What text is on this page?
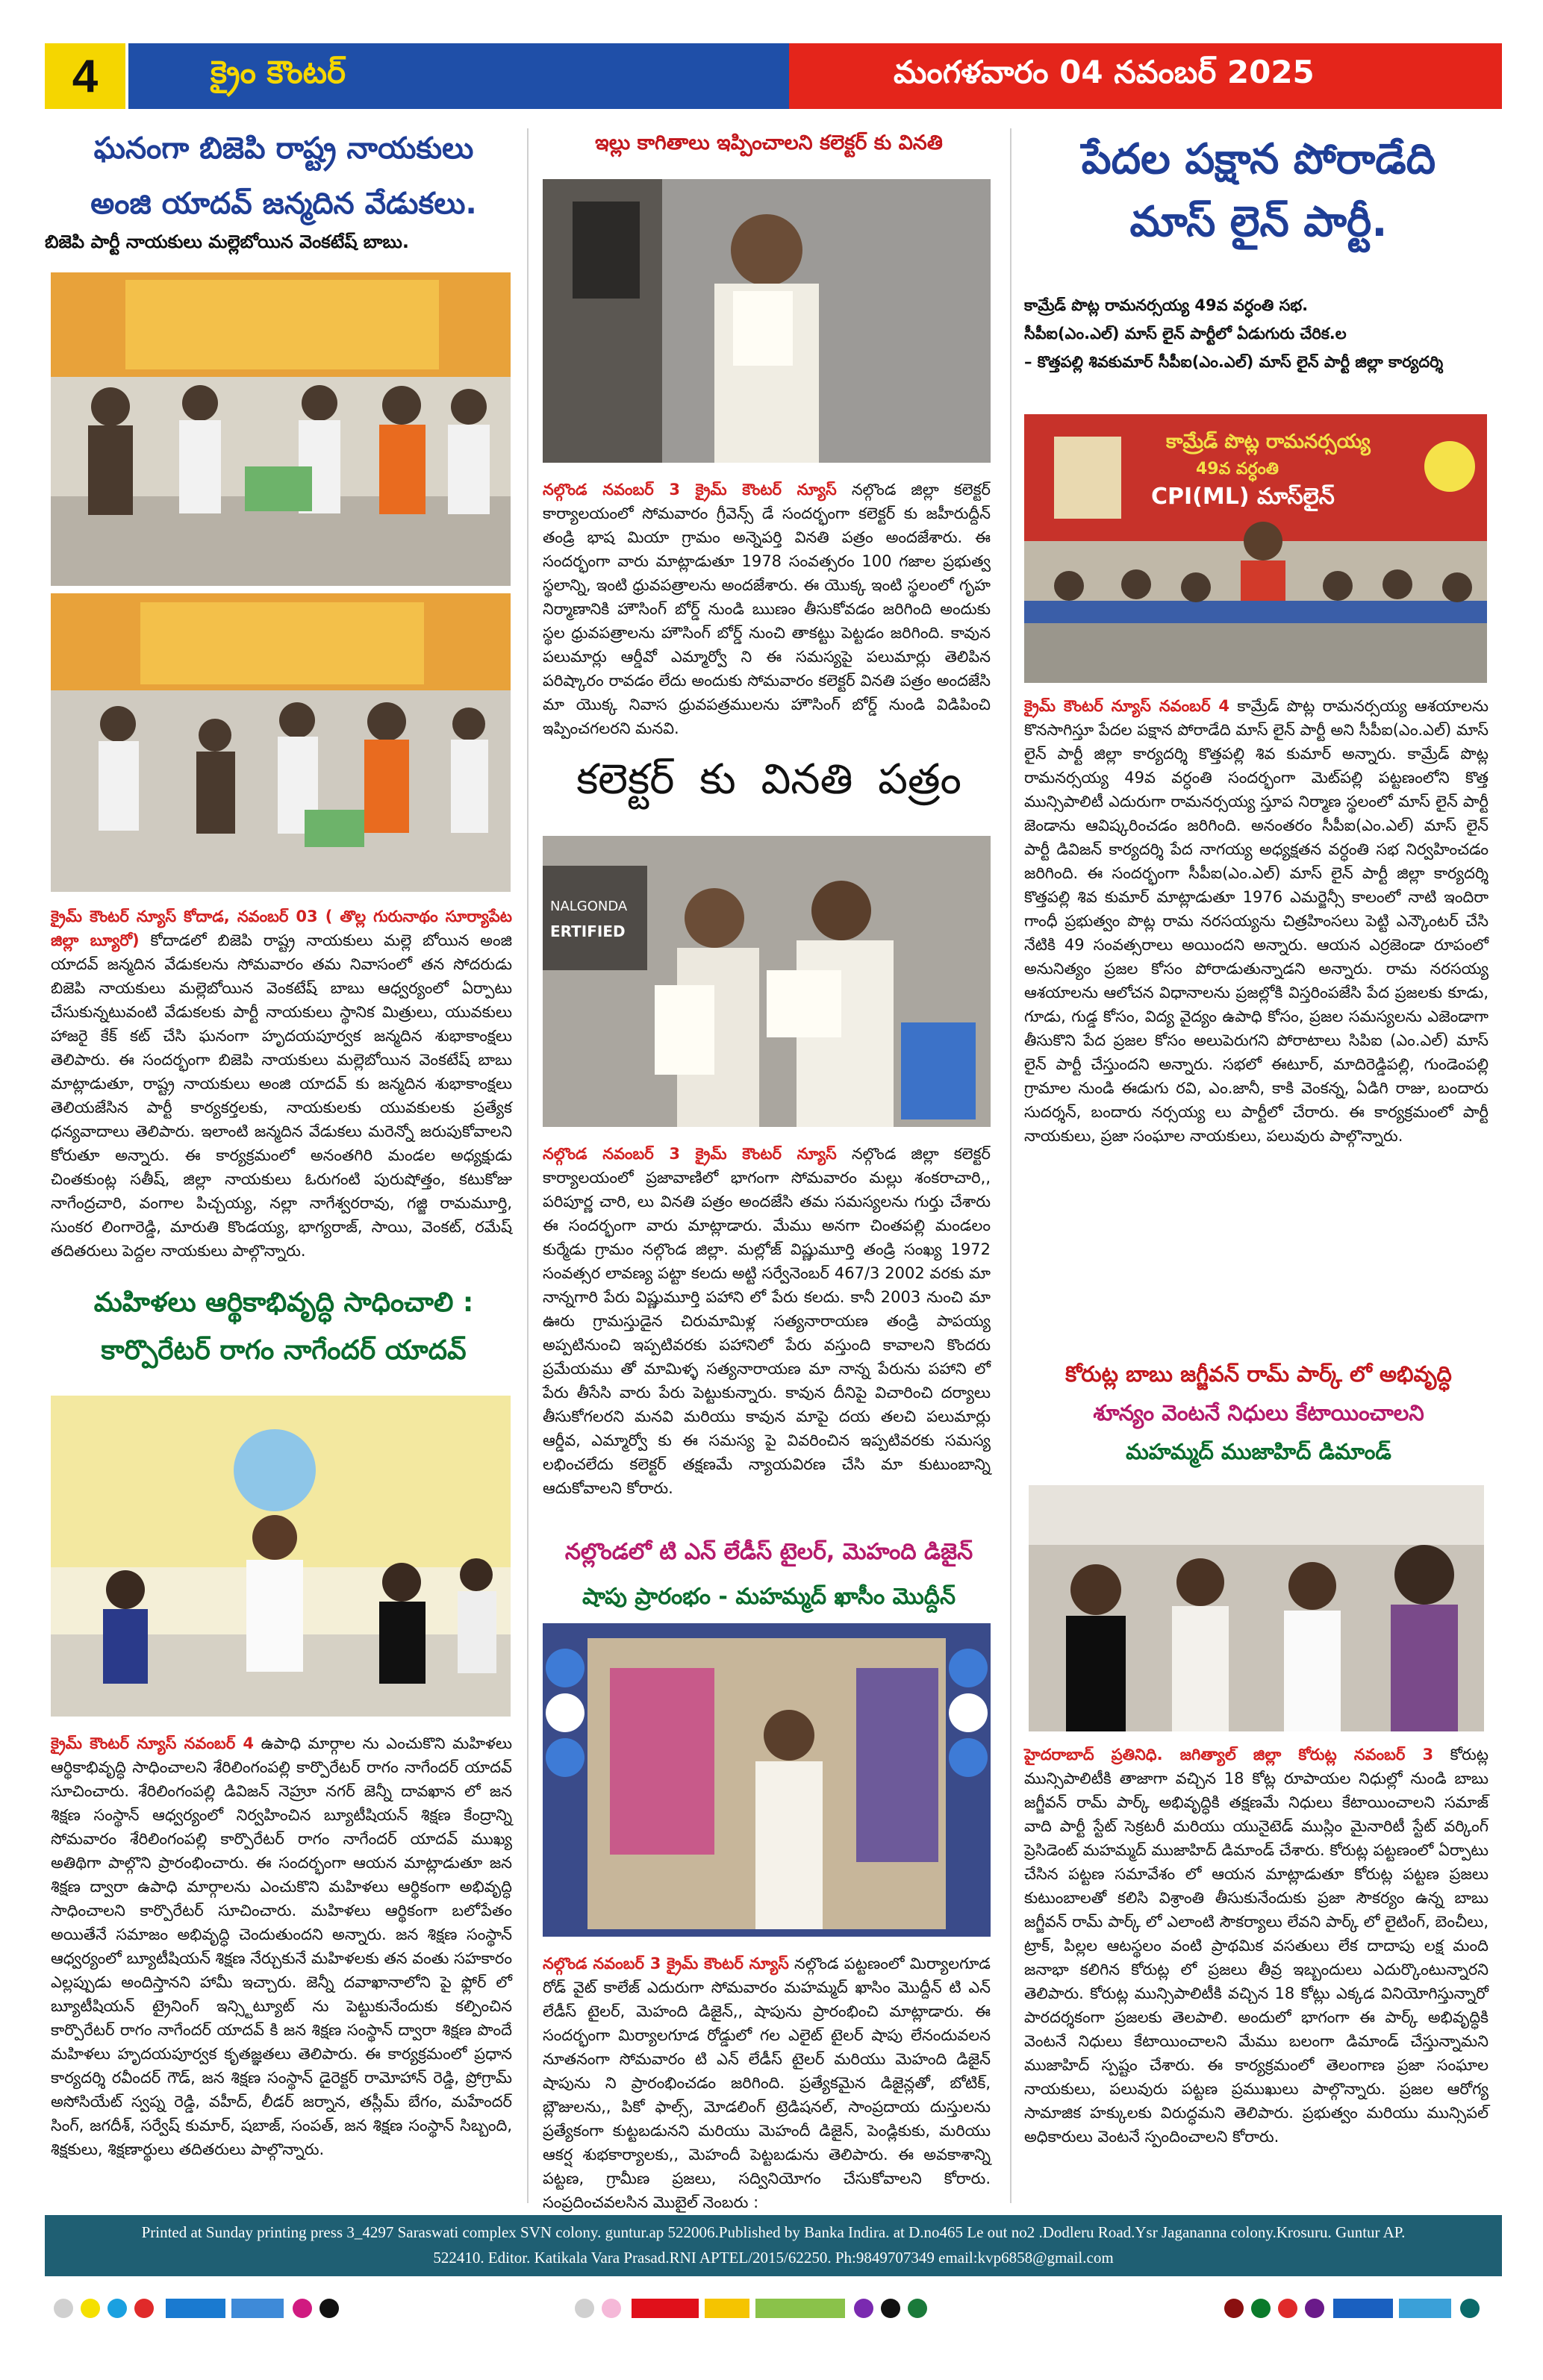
4	క్రైం కౌంటర్	మంగళవారం 04 నవంబర్ 2025
ఘనంగా బిజెపి రాష్ట్ర నాయకులు
అంజి యాదవ్ జన్మదిన వేడుకలు.
బిజెపి పార్టీ నాయకులు మల్లెబోయిన వెంకటేష్ బాబు.
క్రైమ్ కౌంటర్ న్యూస్ కోదాడ, నవంబర్ 03 ( తొల్ల గురునాథం సూర్యాపేట జిల్లా బ్యూరో) కోదాడలో బిజెపి రాష్ట్ర నాయకులు మల్లె బోయిన అంజి యాదవ్ జన్మదిన వేడుకలను సోమవారం తమ నివాసంలో తన సోదరుడు బిజెపి నాయకులు మల్లెబోయిన వెంకటేష్ బాబు ఆధ్వర్యంలో ఏర్పాటు చేసుకున్నటువంటి వేడుకలకు పార్టీ నాయకులు స్థానిక మిత్రులు, యువకులు హాజరై కేక్ కట్ చేసి ఘనంగా హృదయపూర్వక జన్మదిన శుభాకాంక్షలు తెలిపారు. ఈ సందర్భంగా బిజెపి నాయకులు మల్లెబోయిన వెంకటేష్ బాబు మాట్లాడుతూ, రాష్ట్ర నాయకులు అంజి యాదవ్ కు జన్మదిన శుభాకాంక్షలు తెలియజేసిన పార్టీ కార్యకర్తలకు, నాయకులకు యువకులకు ప్రత్యేక ధన్యవాదాలు తెలిపారు. ఇలాంటి జన్మదిన వేడుకలు మరెన్నో జరుపుకోవాలని కోరుతూ అన్నారు. ఈ కార్యక్రమంలో అనంతగిరి మండల అధ్యక్షుడు చింతకుంట్ల సతీష్, జిల్లా నాయకులు ఓరుగంటి పురుషోత్తం, కటుకోజు నాగేంద్రచారి, వంగాల పిచ్చయ్య, నల్లా నాగేశ్వరరావు, గజ్జి రామమూర్తి, సుంకర లింగారెడ్డి, మారుతి కొండయ్య, భాగ్యరాజ్, సాయి, వెంకట్, రమేష్ తదితరులు పెద్దల నాయకులు పాల్గొన్నారు.
మహిళలు ఆర్థికాభివృద్ధి సాధించాలి :
కార్పొరేటర్ రాగం నాగేందర్ యాదవ్
క్రైమ్ కౌంటర్ న్యూస్ నవంబర్ 4 ఉపాధి మార్గాల ను ఎంచుకొని మహిళలు ఆర్థికాభివృద్ధి సాధించాలని శేరిలింగంపల్లి కార్పొరేటర్ రాగం నాగేందర్ యాదవ్ సూచించారు. శేరిలింగంపల్లి డివిజన్ నెహ్రూ నగర్ జెన్నీ దావఖాన లో జన శిక్షణ సంస్థాన్ ఆధ్వర్యంలో నిర్వహించిన బ్యూటీషియన్ శిక్షణ కేంద్రాన్ని సోమవారం శేరిలింగంపల్లి కార్పొరేటర్ రాగం నాగేందర్ యాదవ్ ముఖ్య అతిథిగా పాల్గొని ప్రారంభించారు. ఈ సందర్భంగా ఆయన మాట్లాడుతూ జన శిక్షణ ద్వారా ఉపాధి మార్గాలను ఎంచుకొని మహిళలు ఆర్థికంగా అభివృద్ధి సాధించాలని కార్పొరేటర్ సూచించారు. మహిళలు ఆర్థికంగా బలోపేతం అయితేనే సమాజం అభివృద్ధి చెందుతుందని అన్నారు. జన శిక్షణ సంస్థాన్ ఆధ్వర్యంలో బ్యూటీషియన్ శిక్షణ నేర్చుకునే మహిళలకు తన వంతు సహకారం ఎల్లప్పుడు అందిస్తానని హామీ ఇచ్చారు. జెన్నీ దవాఖానాలోని పై ఫ్లోర్ లో బ్యూటీషియన్ ట్రైనింగ్ ఇన్స్టిట్యూట్ ను పెట్టుకునేందుకు కల్పించిన కార్పొరేటర్ రాగం నాగేందర్ యాదవ్ కి జన శిక్షణ సంస్థాన్ ద్వారా శిక్షణ పొందే మహిళలు హృదయపూర్వక కృతజ్ఞతలు తెలిపారు. ఈ కార్యక్రమంలో ప్రధాన కార్యదర్శి రవీందర్ గౌడ్, జన శిక్షణ సంస్థాన్ డైరెక్టర్ రామోహాన్ రెడ్డి, ప్రోగ్రామ్ అసోసియేట్ స్వప్న రెడ్డి, వహీద్, లీడర్ జర్నాన, తస్లీమ్ బేగం, మహేందర్ సింగ్, జగదీశ్, సర్వేష్ కుమార్, షబాజ్, సంపత్, జన శిక్షణ సంస్థాన్ సిబ్బంది, శిక్షకులు, శిక్షణార్థులు తదితరులు పాల్గొన్నారు.
ఇల్లు కాగితాలు ఇప్పించాలని కలెక్టర్ కు వినతి
నల్గొండ నవంబర్ 3 క్రైమ్ కౌంటర్ న్యూస్ నల్గొండ జిల్లా కలెక్టర్ కార్యాలయంలో సోమవారం గ్రీవెన్స్ డే సందర్భంగా కలెక్టర్ కు జహీరుద్దీన్ తండ్రి భాష మియా గ్రామం అన్నెపర్తి వినతి పత్రం అందజేశారు. ఈ సందర్భంగా వారు మాట్లాడుతూ 1978 సంవత్సరం 100 గజాల ప్రభుత్వ స్థలాన్ని, ఇంటి ధ్రువపత్రాలను అందజేశారు. ఈ యొక్క ఇంటి స్థలంలో గృహ నిర్మాణానికి హౌసింగ్ బోర్డ్ నుండి ఋణం తీసుకోవడం జరిగింది అందుకు స్థల ధ్రువపత్రాలను హౌసింగ్ బోర్డ్ నుంచి తాకట్టు పెట్టడం జరిగింది. కావున పలుమార్లు ఆర్డీవో ఎమ్మార్వో ని ఈ సమస్యపై పలుమార్లు తెలిపిన పరిష్కారం రావడం లేదు అందుకు సోమవారం కలెక్టర్ వినతి పత్రం అందజేసి మా యొక్క నివాస ధ్రువపత్రములను హౌసింగ్ బోర్డ్ నుండి విడిపించి ఇప్పించగలరని మనవి.
కలెక్టర్ కు వినతి పత్రం
NALGONDA
ERTIFIED
నల్గొండ నవంబర్ 3 క్రైమ్ కౌంటర్ న్యూస్ నల్గొండ జిల్లా కలెక్టర్ కార్యాలయంలో ప్రజావాణిలో భాగంగా సోమవారం మల్లు శంకరాచారి,, పరిపూర్ణ చారి, లు వినతి పత్రం అందజేసి తమ సమస్యలను గుర్తు చేశారు ఈ సందర్భంగా వారు మాట్లాడారు. మేము అనగా చింతపల్లి మండలం కుర్మేడు గ్రామం నల్గొండ జిల్లా. మల్లోజ్ విష్ణుమూర్తి తండ్రి సంఖ్య 1972 సంవత్సర లావణ్య పట్టా కలదు అట్టి సర్వేనెంబర్ 467/3 2002 వరకు మా నాన్నగారి పేరు విష్ణుమూర్తి పహాని లో పేరు కలదు. కానీ 2003 నుంచి మా ఊరు గ్రామస్తుడైన చిరుమామిళ్ల సత్యనారాయణ తండ్రి పాపయ్య అప్పటినుంచి ఇప్పటివరకు పహానిలో పేరు వస్తుంది కావాలని కొందరు ప్రమేయము తో మామిళ్ళ సత్యనారాయణ మా నాన్న పేరును పహాని లో పేరు తీసేసి వారు పేరు పెట్టుకున్నారు. కావున దీనిపై విచారించి దర్యాలు తీసుకోగలరని మనవి మరియు కావున మాపై దయ తలచి పలుమార్లు ఆర్డీవ, ఎమ్మార్వో కు ఈ సమస్య పై వివరించిన ఇప్పటివరకు సమస్య లభించలేదు కలెక్టర్ తక్షణమే న్యాయవిరణ చేసి మా కుటుంబాన్ని ఆదుకోవాలని కోరారు.
నల్లొండలో టి ఎన్ లేడీస్ టైలర్, మెహంది డిజైన్
షాపు ప్రారంభం - మహమ్మద్ ఖాసీం మొద్దీన్
నల్గొండ నవంబర్ 3 క్రైమ్ కౌంటర్ న్యూస్ నల్గొండ పట్టణంలో మిర్యాలగూడ రోడ్ వైట్ కాలేజ్ ఎదురుగా సోమవారం మహమ్మద్ ఖాసిం మొద్దీన్ టి ఎన్ లేడీస్ టైలర్, మెహంది డిజైన్,, షాపును ప్రారంభించి మాట్లాడారు. ఈ సందర్భంగా మిర్యాలగూడ రోడ్డులో గల ఎలైట్ టైలర్ షాపు లేనందువలన నూతనంగా సోమవారం టి ఎన్ లేడీస్ టైలర్ మరియు మెహంది డిజైన్ షాపును ని ప్రారంభించడం జరిగింది. ప్రత్యేకమైన డిజైన్లతో, బోటిక్, బ్లౌజులను,, పికో ఫాల్స్, మోడలింగ్ ట్రెడిషనల్, సాంప్రదాయ దుస్తులను ప్రత్యేకంగా కుట్టబడునని మరియు మెహందీ డిజైన్, పెండ్లికుకు, మరియు ఆకర్ష శుభకార్యాలకు,, మెహందీ పెట్టబడును తెలిపారు. ఈ అవకాశాన్ని పట్టణ, గ్రామీణ ప్రజలు, సద్వినియోగం చేసుకోవాలని కోరారు. సంప్రదించవలసిన మొబైల్ నెంబరు :
పేదల పక్షాన పోరాడేది
మాస్ లైన్ పార్టీ.
కామ్రేడ్ పొట్ల రామనర్సయ్య 49వ వర్ధంతి సభ.
సీపీఐ(ఎం.ఎల్) మాస్ లైన్ పార్టీలో ఏడుగురు చేరిక.ల
– కొత్తపల్లి శివకుమార్ సీపీఐ(ఎం.ఎల్) మాస్ లైన్ పార్టీ జిల్లా కార్యదర్శి
కామ్రేడ్ పొట్ల రామనర్సయ్య
49వ వర్ధంతి
CPI(ML) మాస్‌లైన్
క్రైమ్ కౌంటర్ న్యూస్ నవంబర్ 4 కామ్రేడ్ పొట్ల రామనర్సయ్య ఆశయాలను కొనసాగిస్తూ పేదల పక్షాన పోరాడేది మాస్ లైన్ పార్టీ అని సీపీఐ(ఎం.ఎల్) మాస్ లైన్ పార్టీ జిల్లా కార్యదర్శి కొత్తపల్లి శివ కుమార్ అన్నారు. కామ్రేడ్ పొట్ల రామనర్సయ్య 49వ వర్ధంతి సందర్భంగా మెట్‌పల్లి పట్టణంలోని కొత్త మున్సిపాలిటీ ఎదురుగా రామనర్సయ్య స్తూప నిర్మాణ స్థలంలో మాస్ లైన్ పార్టీ జెండాను ఆవిష్కరించడం జరిగింది. అనంతరం సీపీఐ(ఎం.ఎల్) మాస్ లైన్ పార్టీ డివిజన్ కార్యదర్శి పేద నాగయ్య అధ్యక్షతన వర్ధంతి సభ నిర్వహించడం జరిగింది. ఈ సందర్భంగా సీపీఐ(ఎం.ఎల్) మాస్ లైన్ పార్టీ జిల్లా కార్యదర్శి కొత్తపల్లి శివ కుమార్ మాట్లాడుతూ 1976 ఎమర్జెన్సీ కాలంలో నాటి ఇందిరా గాంధీ ప్రభుత్వం పొట్ల రామ నరసయ్యను చిత్రహింసలు పెట్టి ఎన్కౌంటర్ చేసి నేటికి 49 సంవత్సరాలు అయిందని అన్నారు. ఆయన ఎర్రజెండా రూపంలో అనునిత్యం ప్రజల కోసం పోరాడుతున్నాడని అన్నారు. రామ నరసయ్య ఆశయాలను ఆలోచన విధానాలను ప్రజల్లోకి విస్తరింపజేసి పేద ప్రజలకు కూడు, గూడు, గుడ్డ కోసం, విద్య వైద్యం ఉపాధి కోసం, ప్రజల సమస్యలను ఎజెండాగా తీసుకొని పేద ప్రజల కోసం అలుపెరుగని పోరాటాలు సిపిఐ (ఎం.ఎల్) మాస్ లైన్ పార్టీ చేస్తుందని అన్నారు. సభలో ఈటూర్, మాదిరెడ్డిపల్లి, గుండెంపల్లి గ్రామాల నుండి ఈడుగు రవి, ఎం.జానీ, కాకి వెంకన్న, ఏడిగి రాజు, బందారు సుదర్శన్, బందారు నర్సయ్య లు పార్టీలో చేరారు. ఈ కార్యక్రమంలో పార్టీ నాయకులు, ప్రజా సంఘాల నాయకులు, పలువురు పాల్గొన్నారు.
కోరుట్ల బాబు జగ్జీవన్ రామ్ పార్క్ లో అభివృద్ధి
శూన్యం వెంటనే నిధులు కేటాయించాలని
మహమ్మద్ ముజాహిద్ డిమాండ్
హైదరాబాద్ ప్రతినిధి. జగిత్యాల్ జిల్లా కోరుట్ల నవంబర్ 3 కోరుట్ల మున్సిపాలిటీకి తాజాగా వచ్చిన 18 కోట్ల రూపాయల నిధుల్లో నుండి బాబు జగ్జీవన్ రామ్ పార్క్ అభివృద్ధికి తక్షణమే నిధులు కేటాయించాలని సమాజ్ వాది పార్టీ స్టేట్ సెక్రటరీ మరియు యునైటెడ్ ముస్లిం మైనారిటీ స్టేట్ వర్కింగ్ ప్రెసిడెంట్ మహమ్మద్ ముజాహిద్ డిమాండ్ చేశారు. కోరుట్ల పట్టణంలో ఏర్పాటు చేసిన పట్టణ సమావేశం లో ఆయన మాట్లాడుతూ కోరుట్ల పట్టణ ప్రజలు కుటుంబాలతో కలిసి విశ్రాంతి తీసుకునేందుకు ప్రజా సౌకర్యం ఉన్న బాబు జగ్జీవన్ రామ్ పార్క్ లో ఎలాంటి సౌకర్యాలు లేవని పార్క్ లో లైటింగ్, బెంచీలు, ట్రాక్, పిల్లల ఆటస్థలం వంటి ప్రాథమిక వసతులు లేక దాదాపు లక్ష మంది జనాభా కలిగిన కోరుట్ల లో ప్రజలు తీవ్ర ఇబ్బందులు ఎదుర్కొంటున్నారని తెలిపారు. కోరుట్ల మున్సిపాలిటీకి వచ్చిన 18 కోట్లు ఎక్కడ వినియోగిస్తున్నారో పారదర్శకంగా ప్రజలకు తెలపాలి. అందులో భాగంగా ఈ పార్క్ అభివృద్ధికి వెంటనే నిధులు కేటాయించాలని మేము బలంగా డిమాండ్ చేస్తున్నామని ముజాహిద్ స్పష్టం చేశారు. ఈ కార్యక్రమంలో తెలంగాణ ప్రజా సంఘాల నాయకులు, పలువురు పట్టణ ప్రముఖులు పాల్గొన్నారు. ప్రజల ఆరోగ్య సామాజిక హక్కులకు విరుద్ధమని తెలిపారు. ప్రభుత్వం మరియు మున్సిపల్ అధికారులు వెంటనే స్పందించాలని కోరారు.
Printed at Sunday printing press 3_4297 Saraswati complex SVN colony. guntur.ap 522006.Published by Banka Indira. at D.no465 Le out no2 .Dodleru Road.Ysr Jagananna colony.Krosuru. Guntur AP.
522410. Editor. Katikala Vara Prasad.RNI APTEL/2015/62250. Ph:9849707349 email:kvp6858@gmail.com
